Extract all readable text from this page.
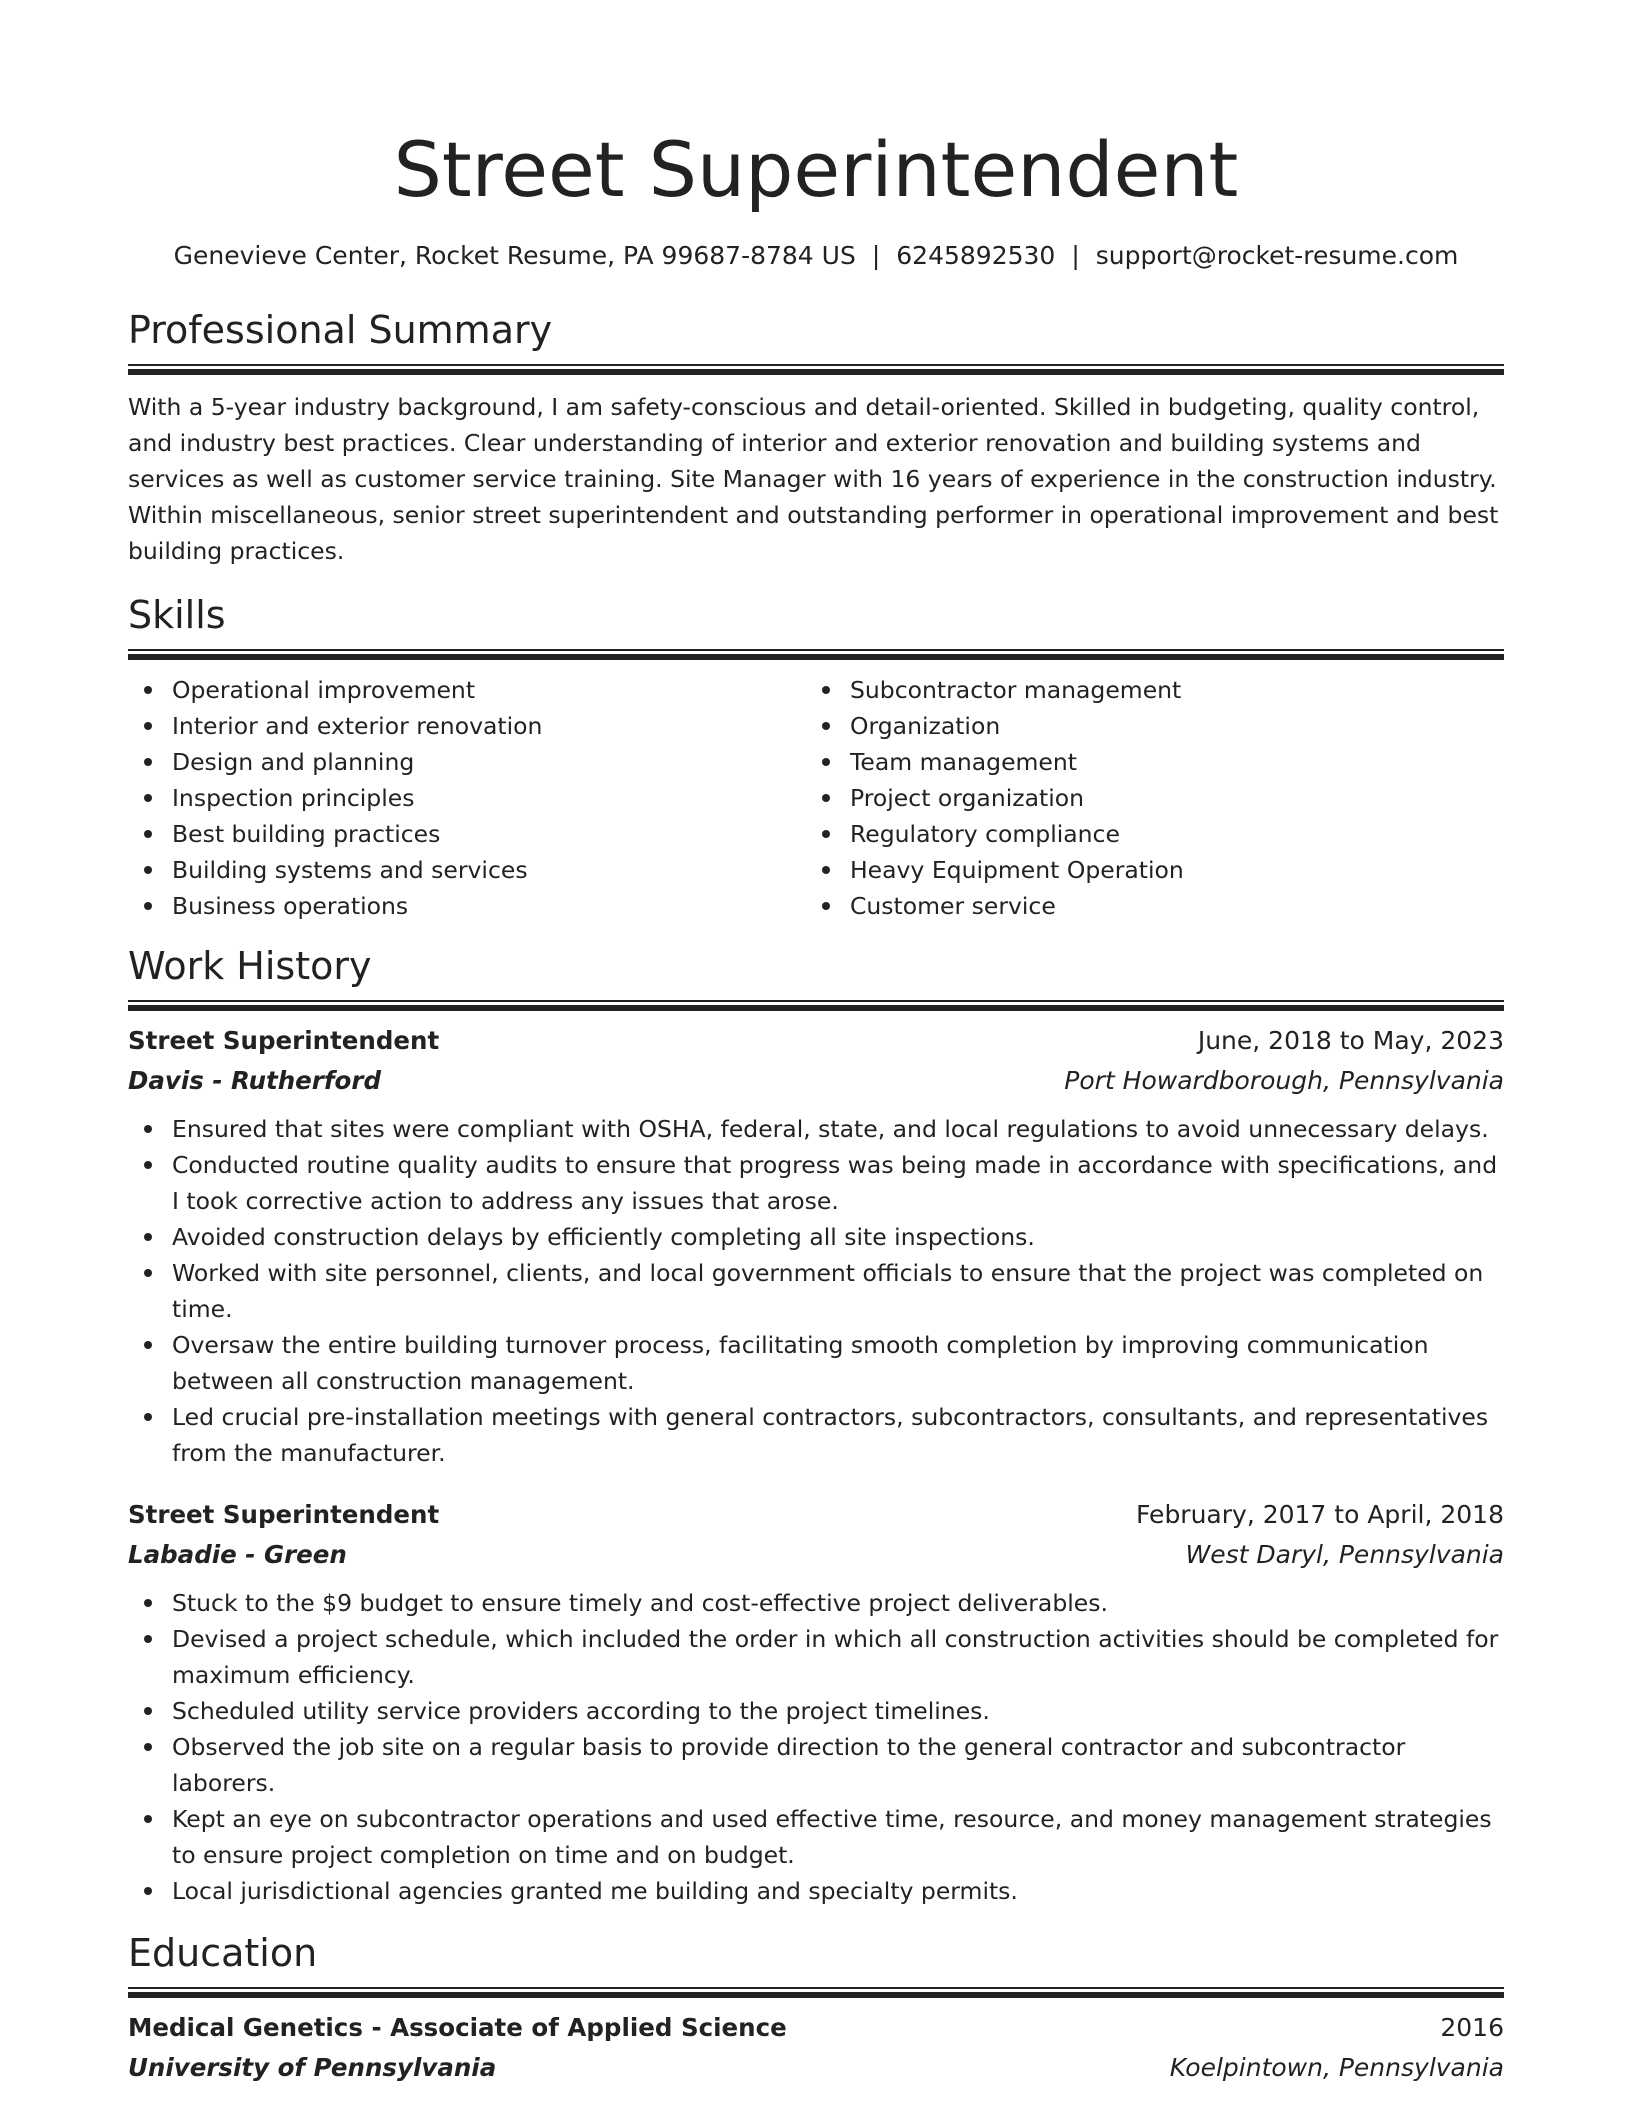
Street Superintendent
Genevieve Center, Rocket Resume, PA 99687-8784 US | 6245892530 | support@rocket-resume.com
Professional Summary

With a 5-year industry background, I am safety-conscious and detail-oriented. Skilled in budgeting, quality control, and industry best practices. Clear understanding of interior and exterior renovation and building systems and services as well as customer service training. Site Manager with 16 years of experience in the construction industry. Within miscellaneous, senior street superintendent and outstanding performer in operational improvement and best building practices.

Skills
Operational improvement
Interior and exterior renovation
Design and planning
Inspection principles
Best building practices
Building systems and services
Business operations
Subcontractor management
Organization
Team management
Project organization
Regulatory compliance
Heavy Equipment Operation
Customer service
Work History
Street Superintendent	June, 2018 to May, 2023
Davis - Rutherford	Port Howardborough, Pennsylvania
Ensured that sites were compliant with OSHA, federal, state, and local regulations to avoid unnecessary delays.
Conducted routine quality audits to ensure that progress was being made in accordance with specifications, and I took corrective action to address any issues that arose.
Avoided construction delays by efficiently completing all site inspections.
Worked with site personnel, clients, and local government officials to ensure that the project was completed on time.
Oversaw the entire building turnover process, facilitating smooth completion by improving communication between all construction management.
Led crucial pre-installation meetings with general contractors, subcontractors, consultants, and representatives from the manufacturer.
Street Superintendent	February, 2017 to April, 2018
Labadie - Green	West Daryl, Pennsylvania
Stuck to the $9 budget to ensure timely and cost-effective project deliverables.
Devised a project schedule, which included the order in which all construction activities should be completed for maximum efficiency.
Scheduled utility service providers according to the project timelines.
Observed the job site on a regular basis to provide direction to the general contractor and subcontractor laborers.
Kept an eye on subcontractor operations and used effective time, resource, and money management strategies to ensure project completion on time and on budget.
Local jurisdictional agencies granted me building and specialty permits.
Education
Medical Genetics - Associate of Applied Science	2016
University of Pennsylvania	Koelpintown, Pennsylvania
